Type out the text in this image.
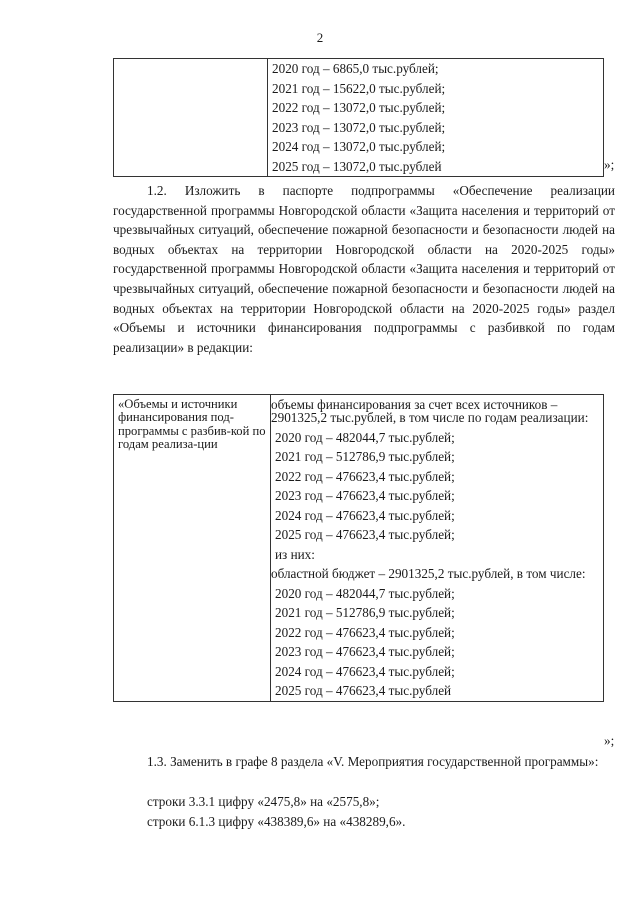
2
	2020 год – 6865,0 тыс.рублей;
2021 год – 15622,0 тыс.рублей;
2022 год – 13072,0 тыс.рублей;
2023 год – 13072,0 тыс.рублей;
2024 год – 13072,0 тыс.рублей;
2025 год – 13072,0 тыс.рублей	»;
1.2. Изложить в паспорте подпрограммы «Обеспечение реализации государственной программы Новгородской области «Защита населения и территорий от чрезвычайных ситуаций, обеспечение пожарной безопасности и безопасности людей на водных объектах на территории Новгородской области на 2020-2025 годы» государственной программы Новгородской области «Защита населения и территорий от чрезвычайных ситуаций, обеспечение пожарной безопасности и безопасности людей на водных объектах на территории Новгородской области на 2020-2025 годы» раздел «Объемы и источники финансирования подпрограммы с разбивкой по годам реализации» в редакции:
«Объемы и источники финансирования под-программы с разбив-кой по годам реализа-ции	объемы финансирования за счет всех источников – 2901325,2 тыс.рублей, в том числе по годам реализации:
2020 год – 482044,7 тыс.рублей;
2021 год – 512786,9 тыс.рублей;
2022 год – 476623,4 тыс.рублей;
2023 год – 476623,4 тыс.рублей;
2024 год – 476623,4 тыс.рублей;
2025 год – 476623,4 тыс.рублей;
из них:
областной бюджет – 2901325,2 тыс.рублей, в том числе:
2020 год – 482044,7 тыс.рублей;
2021 год – 512786,9 тыс.рублей;
2022 год – 476623,4 тыс.рублей;
2023 год – 476623,4 тыс.рублей;
2024 год – 476623,4 тыс.рублей;
2025 год – 476623,4 тыс.рублей
»;
1.3. Заменить в графе 8 раздела «V. Мероприятия государственной программы»:
строки 3.3.1 цифру «2475,8» на «2575,8»;
строки 6.1.3 цифру «438389,6» на «438289,6».
